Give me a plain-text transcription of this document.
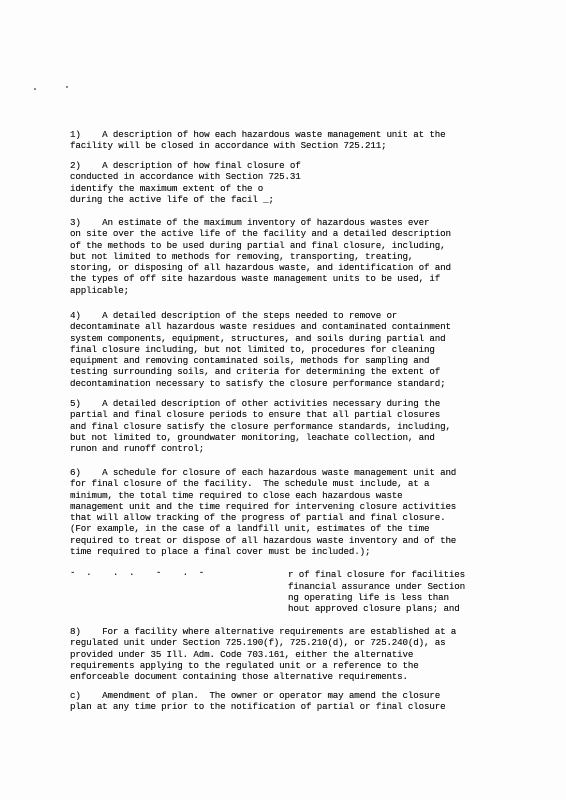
1)    A description of how each hazardous waste management unit at the
facility will be closed in accordance with Section 725.211;
2)    A description of how final closure of
conducted in accordance with Section 725.31
identify the maximum extent of the o
during the active life of the facil _;
3)    An estimate of the maximum inventory of hazardous wastes ever
on site over the active life of the facility and a detailed description
of the methods to be used during partial and final closure, including,
but not limited to methods for removing, transporting, treating,
storing, or disposing of all hazardous waste, and identification of and
the types of off site hazardous waste management units to be used, if
applicable;
4)    A detailed description of the steps needed to remove or
decontaminate all hazardous waste residues and contaminated containment
system components, equipment, structures, and soils during partial and
final closure including, but not limited to, procedures for cleaning
equipment and removing contaminated soils, methods for sampling and
testing surrounding soils, and criteria for determining the extent of
decontamination necessary to satisfy the closure performance standard;
5)    A detailed description of other activities necessary during the
partial and final closure periods to ensure that all partial closures
and final closure satisfy the closure performance standards, including,
but not limited to, groundwater monitoring, leachate collection, and
runon and runoff control;
6)    A schedule for closure of each hazardous waste management unit and
for final closure of the facility.  The schedule must include, at a
minimum, the total time required to close each hazardous waste
management unit and the time required for intervening closure activities
that will allow tracking of the progress of partial and final closure.
(For example, in the case of a landfill unit, estimates of the time
required to treat or dispose of all hazardous waste inventory and of the
time required to place a final cover must be included.);
-  .    .  .    -    .  -	r of final closure for facilities
financial assurance under Section
ng operating life is less than
hout approved closure plans; and
8)    For a facility where alternative requirements are established at a
regulated unit under Section 725.190(f), 725.210(d), or 725.240(d), as
provided under 35 Ill. Adm. Code 703.161, either the alternative
requirements applying to the regulated unit or a reference to the
enforceable document containing those alternative requirements.
c)    Amendment of plan.  The owner or operator may amend the closure
plan at any time prior to the notification of partial or final closure
